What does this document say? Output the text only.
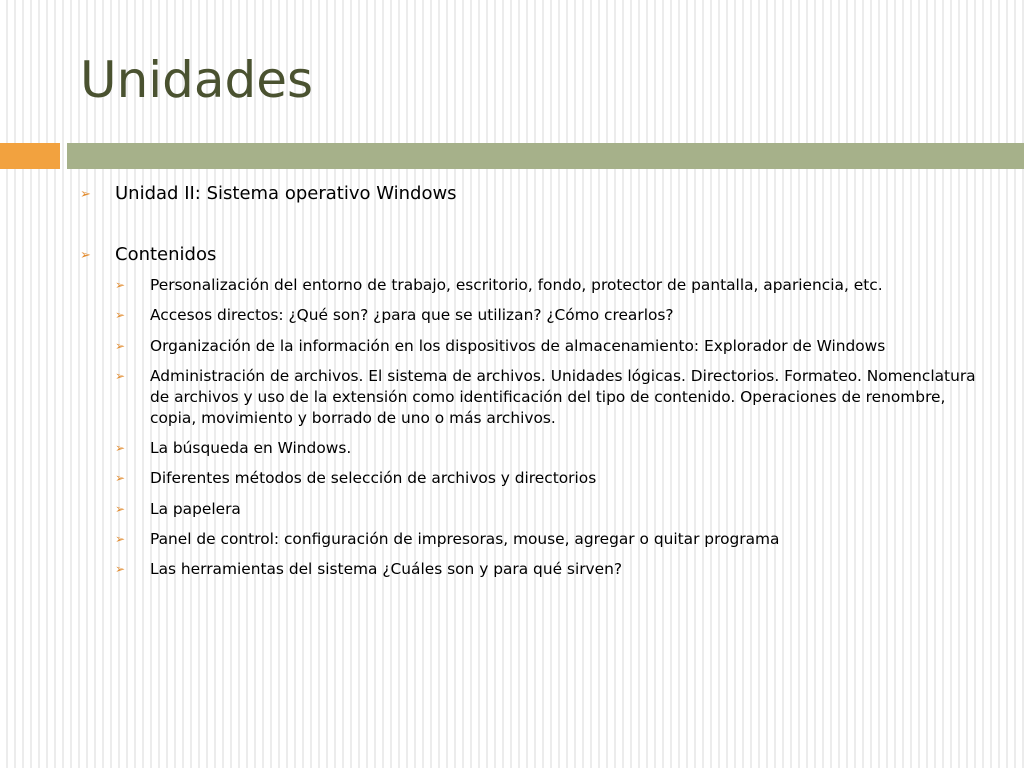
Unidades

➢ Unidad II: Sistema operativo Windows

➢ Contenidos

➢ Personalización del entorno de trabajo, escritorio, fondo, protector de pantalla, apariencia, etc.

➢ Accesos directos: ¿Qué son? ¿para que se utilizan? ¿Cómo crearlos?

➢ Organización de la información en los dispositivos de almacenamiento: Explorador de Windows

➢ Administración de archivos. El sistema de archivos. Unidades lógicas. Directorios. Formateo. Nomenclatura de archivos y uso de la extensión como identificación del tipo de contenido. Operaciones de renombre, copia, movimiento y borrado de uno o más archivos.

➢ La búsqueda en Windows.

➢ Diferentes métodos de selección de archivos y directorios

➢ La papelera

➢ Panel de control: configuración de impresoras, mouse, agregar o quitar programa

➢ Las herramientas del sistema ¿Cuáles son y para qué sirven?
